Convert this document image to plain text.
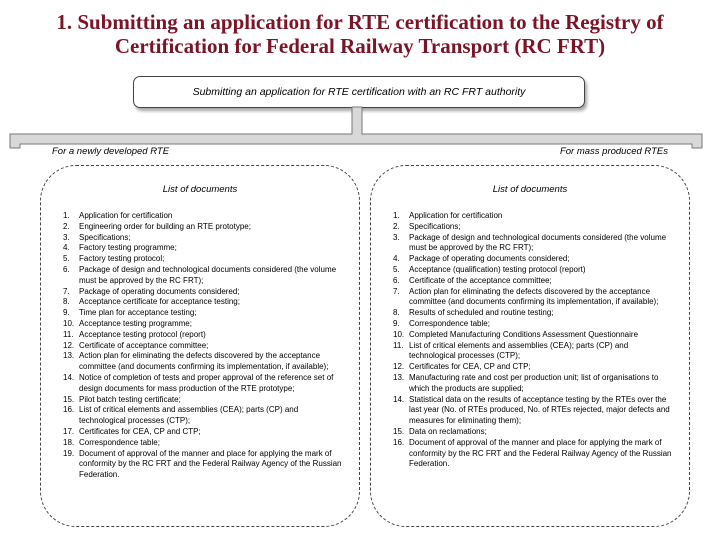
1. Submitting an application for RTE certification to the Registry of Certification for Federal Railway Transport (RC FRT)
Submitting an application for RTE certification with an RC FRT authority
For a newly developed RTE	For mass produced RTEs
List of documents
1.	Application for certification
2.	Engineering order for building an RTE prototype;
3.	Specifications;
4.	Factory testing programme;
5.	Factory testing protocol;
6.	Package of design and technological documents considered (the volume must be approved by the RC FRT);
7.	Package of operating documents considered;
8.	Acceptance certificate for acceptance testing;
9.	Time plan for acceptance testing;
10. Acceptance testing programme;
11. Acceptance testing protocol (report)
12. Certificate of acceptance committee;
13. Action plan for eliminating the defects discovered by the acceptance committee (and documents confirming its implementation, if available);
14. Notice of completion of tests and proper approval of the reference set of design documents for mass production of the RTE prototype;
15. Pilot batch testing certificate;
16. List of critical elements and assemblies (CEA); parts (CP) and technological processes (CTP);
17. Certificates for CEA, CP and CTP;
18. Correspondence table;
19. Document of approval of the manner and place for applying the mark of conformity by the RC FRT and the Federal Railway Agency of the Russian Federation.
List of documents
1.	Application for certification
2.	Specifications;
3.	Package of design and technological documents considered (the volume must be approved by the RC FRT);
4.	Package of operating documents considered;
5.	Acceptance (qualification) testing protocol (report)
6.	Certificate of the acceptance committee;
7.	Action plan for eliminating the defects discovered by the acceptance committee (and documents confirming its implementation, if available);
8.	Results of scheduled and routine testing;
9.	Correspondence table;
10. Completed Manufacturing Conditions Assessment Questionnaire
11. List of critical elements and assemblies (CEA); parts (CP) and technological processes (CTP);
12. Certificates for CEA, CP and CTP;
13. Manufacturing rate and cost per production unit; list of organisations to which the products are supplied;
14. Statistical data on the results of acceptance testing by the RTEs over the last year (No. of RTEs produced, No. of RTEs rejected, major defects and measures for eliminating them);
15. Data on reclamations;
16. Document of approval of the manner and place for applying the mark of conformity by the RC FRT and the Federal Railway Agency of the Russian Federation.
